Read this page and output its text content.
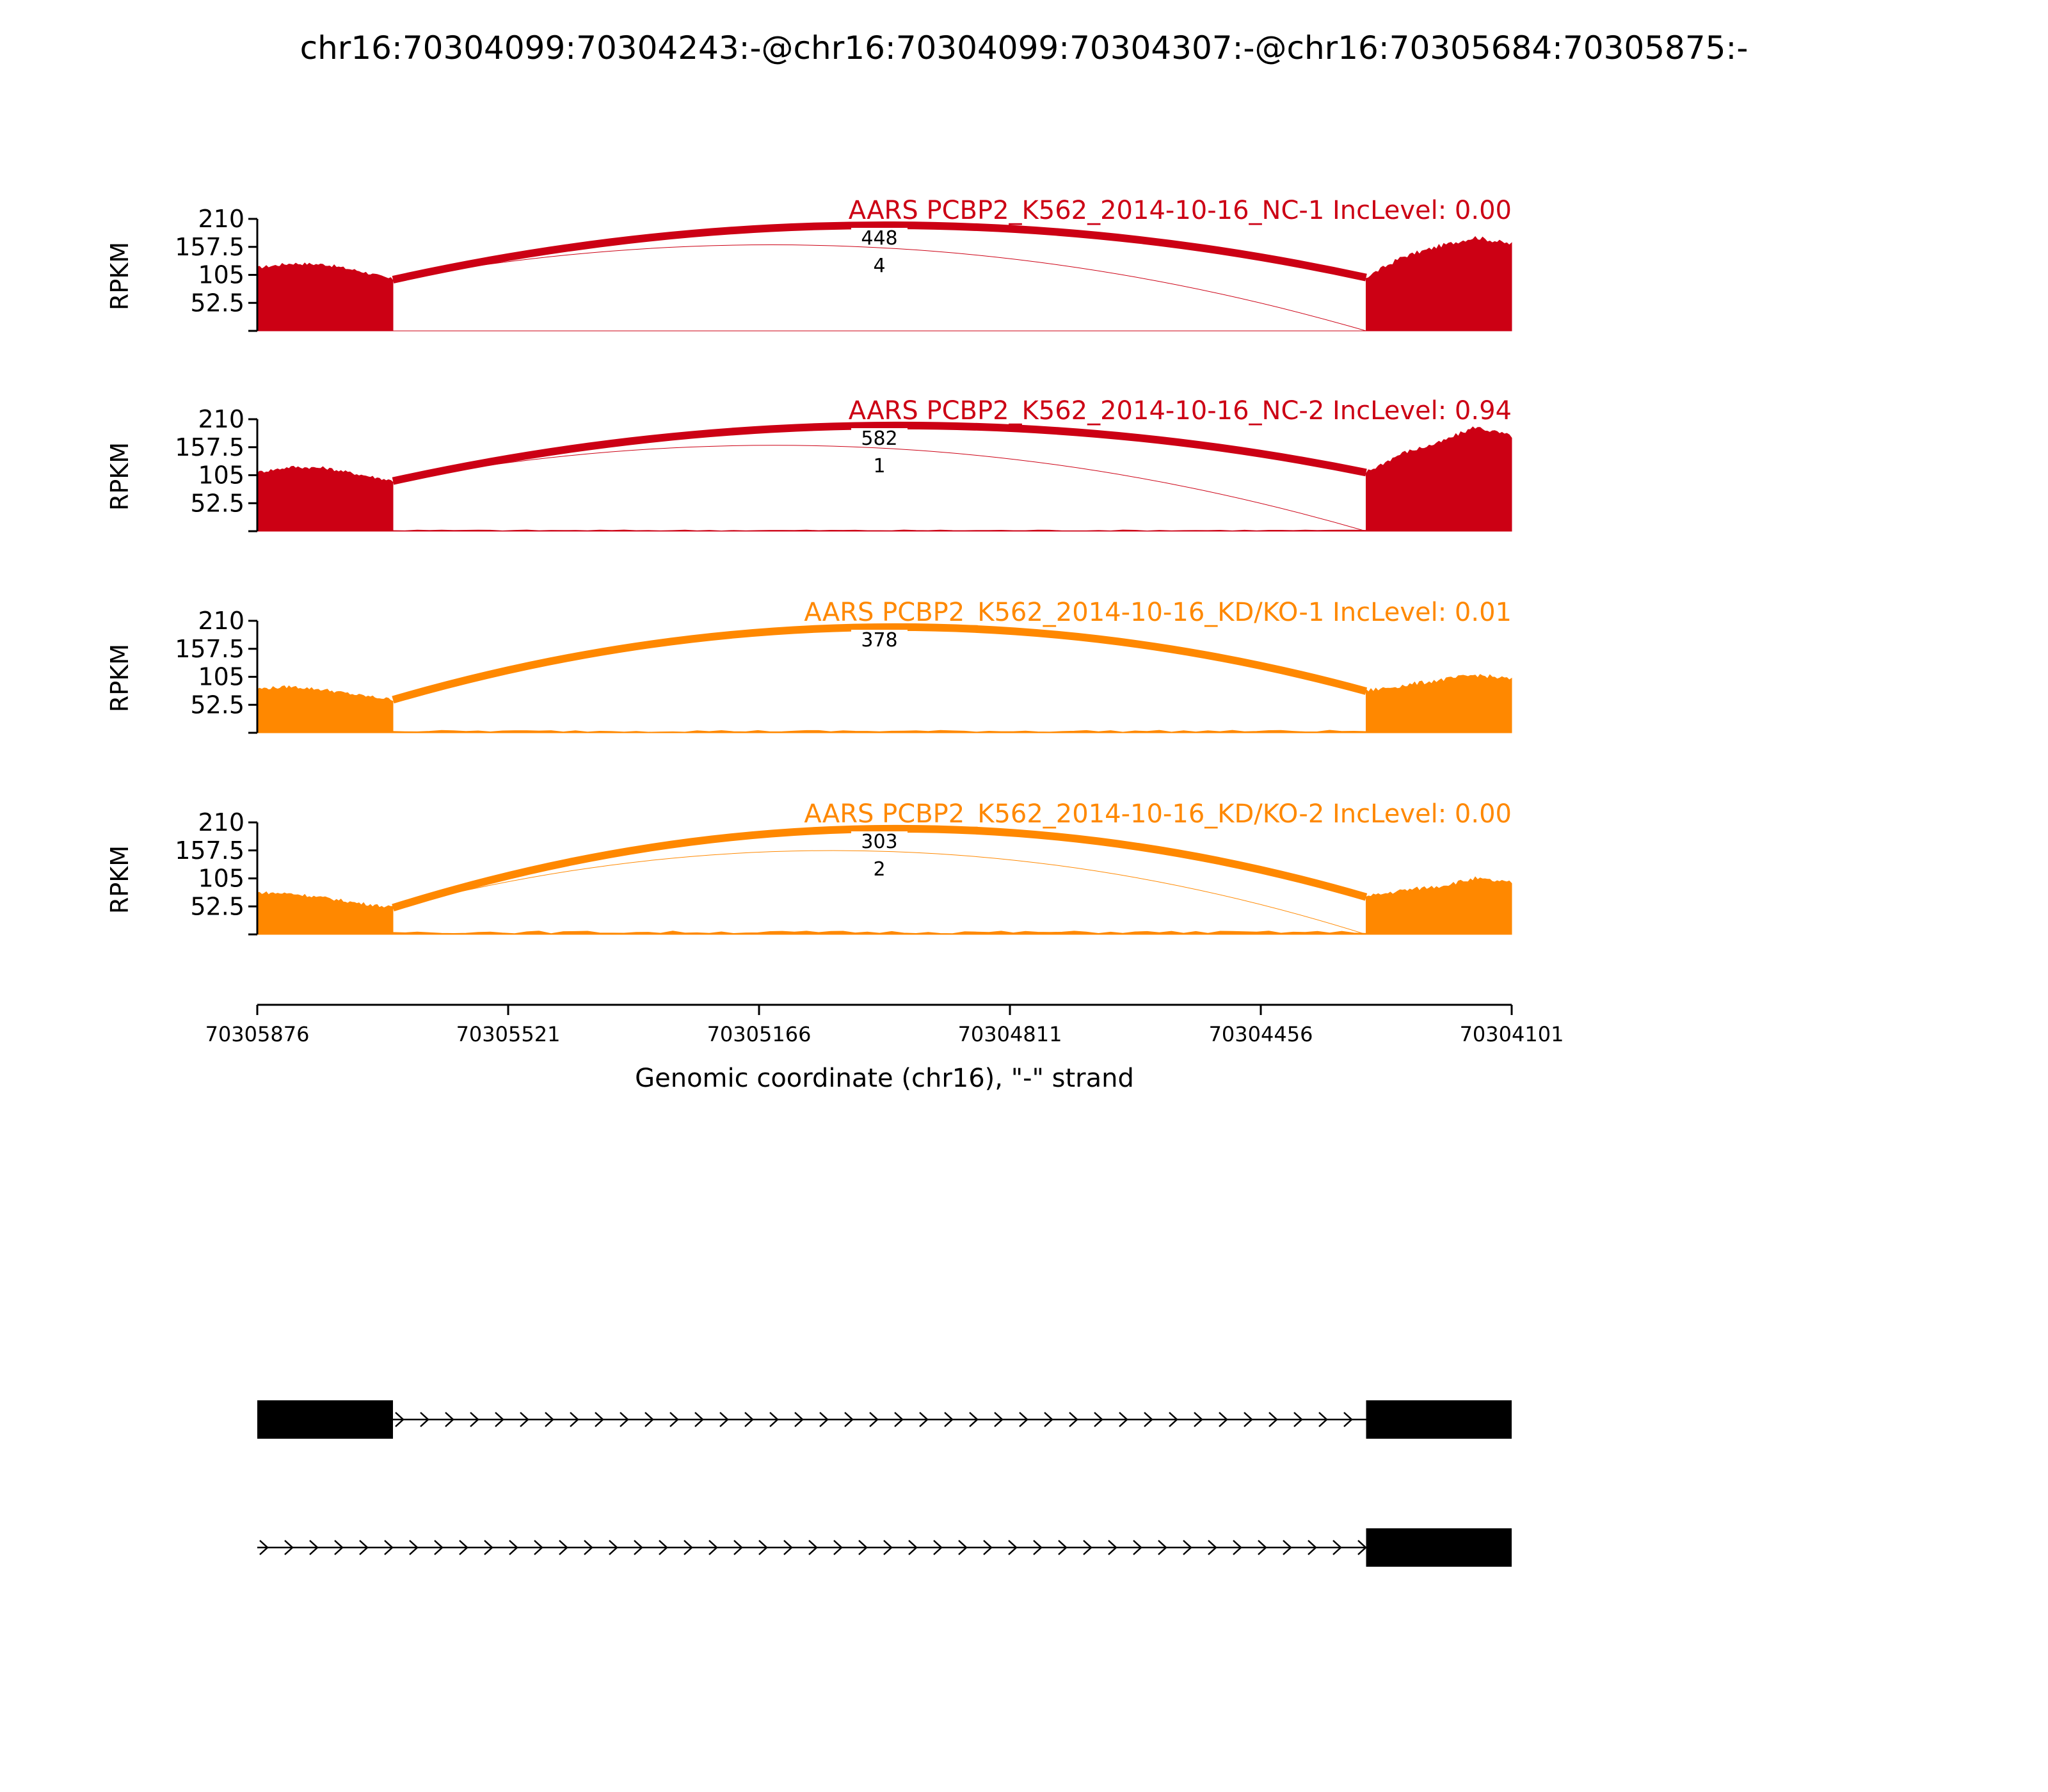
chr16:70304099:70304243:-@chr16:70304099:70304307:-@chr16:70305684:70305875:-
448
4
210
157.5
105
52.5
RPKM
AARS PCBP2_K562_2014-10-16_NC-1 IncLevel: 0.00
582
1
210
157.5
105
52.5
RPKM
AARS PCBP2_K562_2014-10-16_NC-2 IncLevel: 0.94
378
210
157.5
105
52.5
RPKM
AARS PCBP2_K562_2014-10-16_KD/KO-1 IncLevel: 0.01
303
2
210
157.5
105
52.5
RPKM
AARS PCBP2_K562_2014-10-16_KD/KO-2 IncLevel: 0.00
70305876	70305521	70305166	70304811	70304456	70304101
Genomic coordinate (chr16), "-" strand
